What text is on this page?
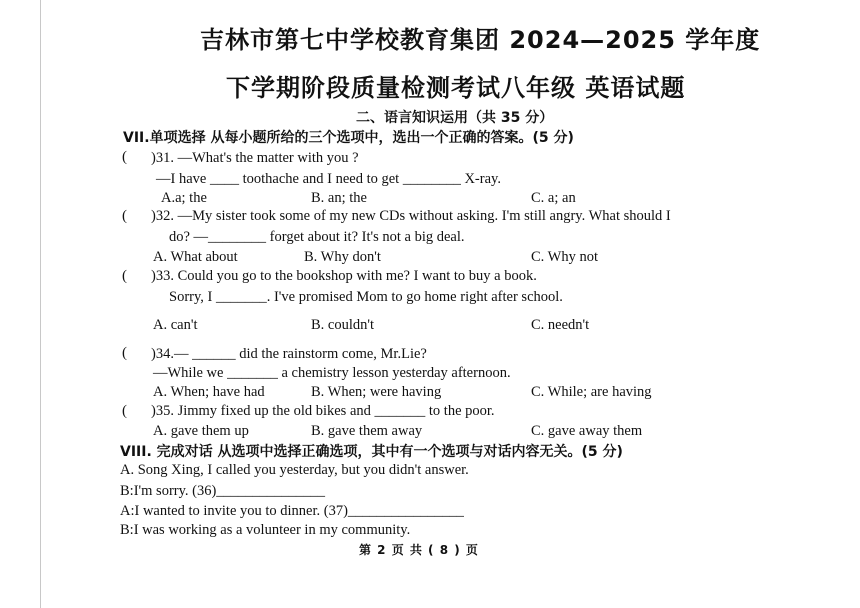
吉林市第七中学校教育集团 2024—2025 学年度
下学期阶段质量检测考试八年级 英语试题
二、语言知识运用（共 35 分）
VII.单项选择 从每小题所给的三个选项中，选出一个正确的答案。(5 分)
( )31. —What's the matter with you ?
—I have ____ toothache and I need to get ________ X-ray.
A.a; the	B. an; the	C. a; an
( )32. —My sister took some of my new CDs without asking. I'm still angry. What should I
do? —________ forget about it? It's not a big deal.
A. What about	B. Why don't	C. Why not
( )33. Could you go to the bookshop with me? I want to buy a book.
Sorry, I _______. I've promised Mom to go home right after school.
A. can't	B. couldn't	C. needn't
( )34.— ______ did the rainstorm come, Mr.Lie?
—While we _______ a chemistry lesson yesterday afternoon.
A. When; have had	B. When; were having	C. While; are having
( )35. Jimmy fixed up the old bikes and _______ to the poor.
A. gave them up	B. gave them away	C. gave away them
VIII. 完成对话 从选项中选择正确选项，其中有一个选项与对话内容无关。(5 分)
A. Song Xing, I called you yesterday, but you didn't answer.
B:I'm sorry. (36)_______________
A:I wanted to invite you to dinner. (37)________________
B:I was working as a volunteer in my community.
第 2 页 共 ( 8 ) 页
